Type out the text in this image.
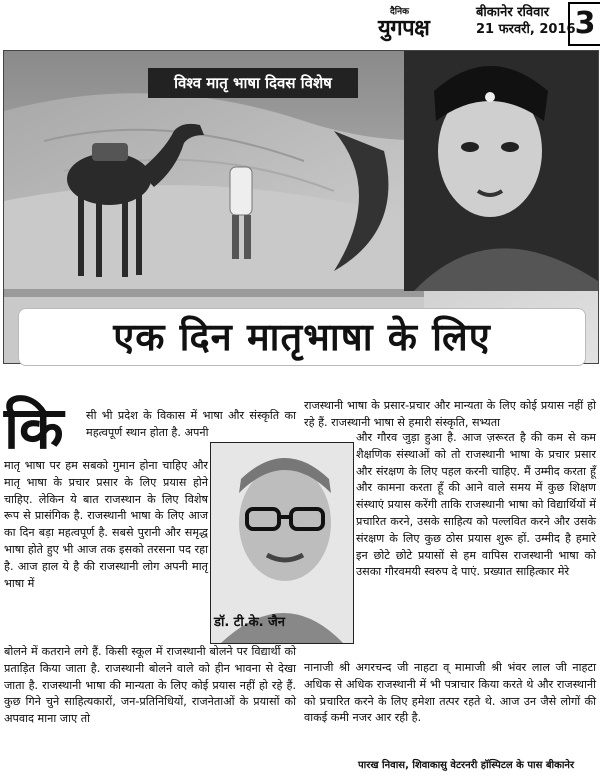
दैनिक
युगपक्ष
बीकानेर रविवार
21 फरवरी, 2016 3
विश्व मातृ भाषा दिवस विशेष
एक दिन मातृभाषा के लिए
कि सी भी प्रदेश के विकास में भाषा और संस्कृति का महत्वपूर्ण स्थान होता है. अपनी
मातृ भाषा पर हम सबको गुमान होना चाहिए और मातृ भाषा के प्रचार प्रसार के लिए प्रयास होने चाहिए. लेकिन ये बात राजस्थान के लिए विशेष रूप से प्रासंगिक है. राजस्थानी भाषा के लिए आज का दिन बड़ा महत्वपूर्ण है. सबसे पुरानी और समृद्ध भाषा होते हुए भी आज तक इसको तरसना पद रहा है. आज हाल ये है की राजस्थानी लोग अपनी मातृ भाषा में
बोलने में कतराने लगे हैं. किसी स्कूल में राजस्थानी बोलने पर विद्यार्थी को प्रताड़ित किया जाता है. राजस्थानी बोलने वाले को हीन भावना से देखा जाता है. राजस्थानी भाषा की मान्यता के लिए कोई प्रयास नहीं हो रहे हैं. कुछ गिने चुने साहित्यकारों, जन-प्रतिनिधियों, राजनेताओं के प्रयासों को अपवाद माना जाए तो
डॉ. टी.के. जैन
राजस्थानी भाषा के प्रसार-प्रचार और मान्यता के लिए कोई प्रयास नहीं हो रहे हैं. राजस्थानी भाषा से हमारी संस्कृति, सभ्यता
और गौरव जुड़ा हुआ है. आज ज़रूरत है की कम से कम शैक्षणिक संस्थाओं को तो राजस्थानी भाषा के प्रचार प्रसार और संरक्षण के लिए पहल करनी चाहिए. मैं उम्मीद करता हूँ और कामना करता हूँ की आने वाले समय में कुछ शिक्षण संस्थाएं प्रयास करेंगी ताकि राजस्थानी भाषा को विद्यार्थियों में प्रचारित करने, उसके साहित्य को पल्लवित करने और उसके संरक्षण के लिए कुछ ठोस प्रयास शुरू हों. उम्मीद है हमारे इन छोटे छोटे प्रयासों से हम वापिस राजस्थानी भाषा को उसका गौरवमयी स्वरुप दे पाएं. प्रख्यात साहित्कार मेरे
नानाजी श्री अगरचन्द जी नाहटा व् मामाजी श्री भंवर लाल जी नाहटा अधिक से अधिक राजस्थानी में भी पत्राचार किया करते थे और राजस्थानी को प्रचारित करने के लिए हमेशा तत्पर रहते थे. आज उन जैसे लोगों की वाकई कमी नजर आर रही है.
पारख निवास, शिवाकासु वेटरनरी हॉस्पिटल के पास बीकानेर
